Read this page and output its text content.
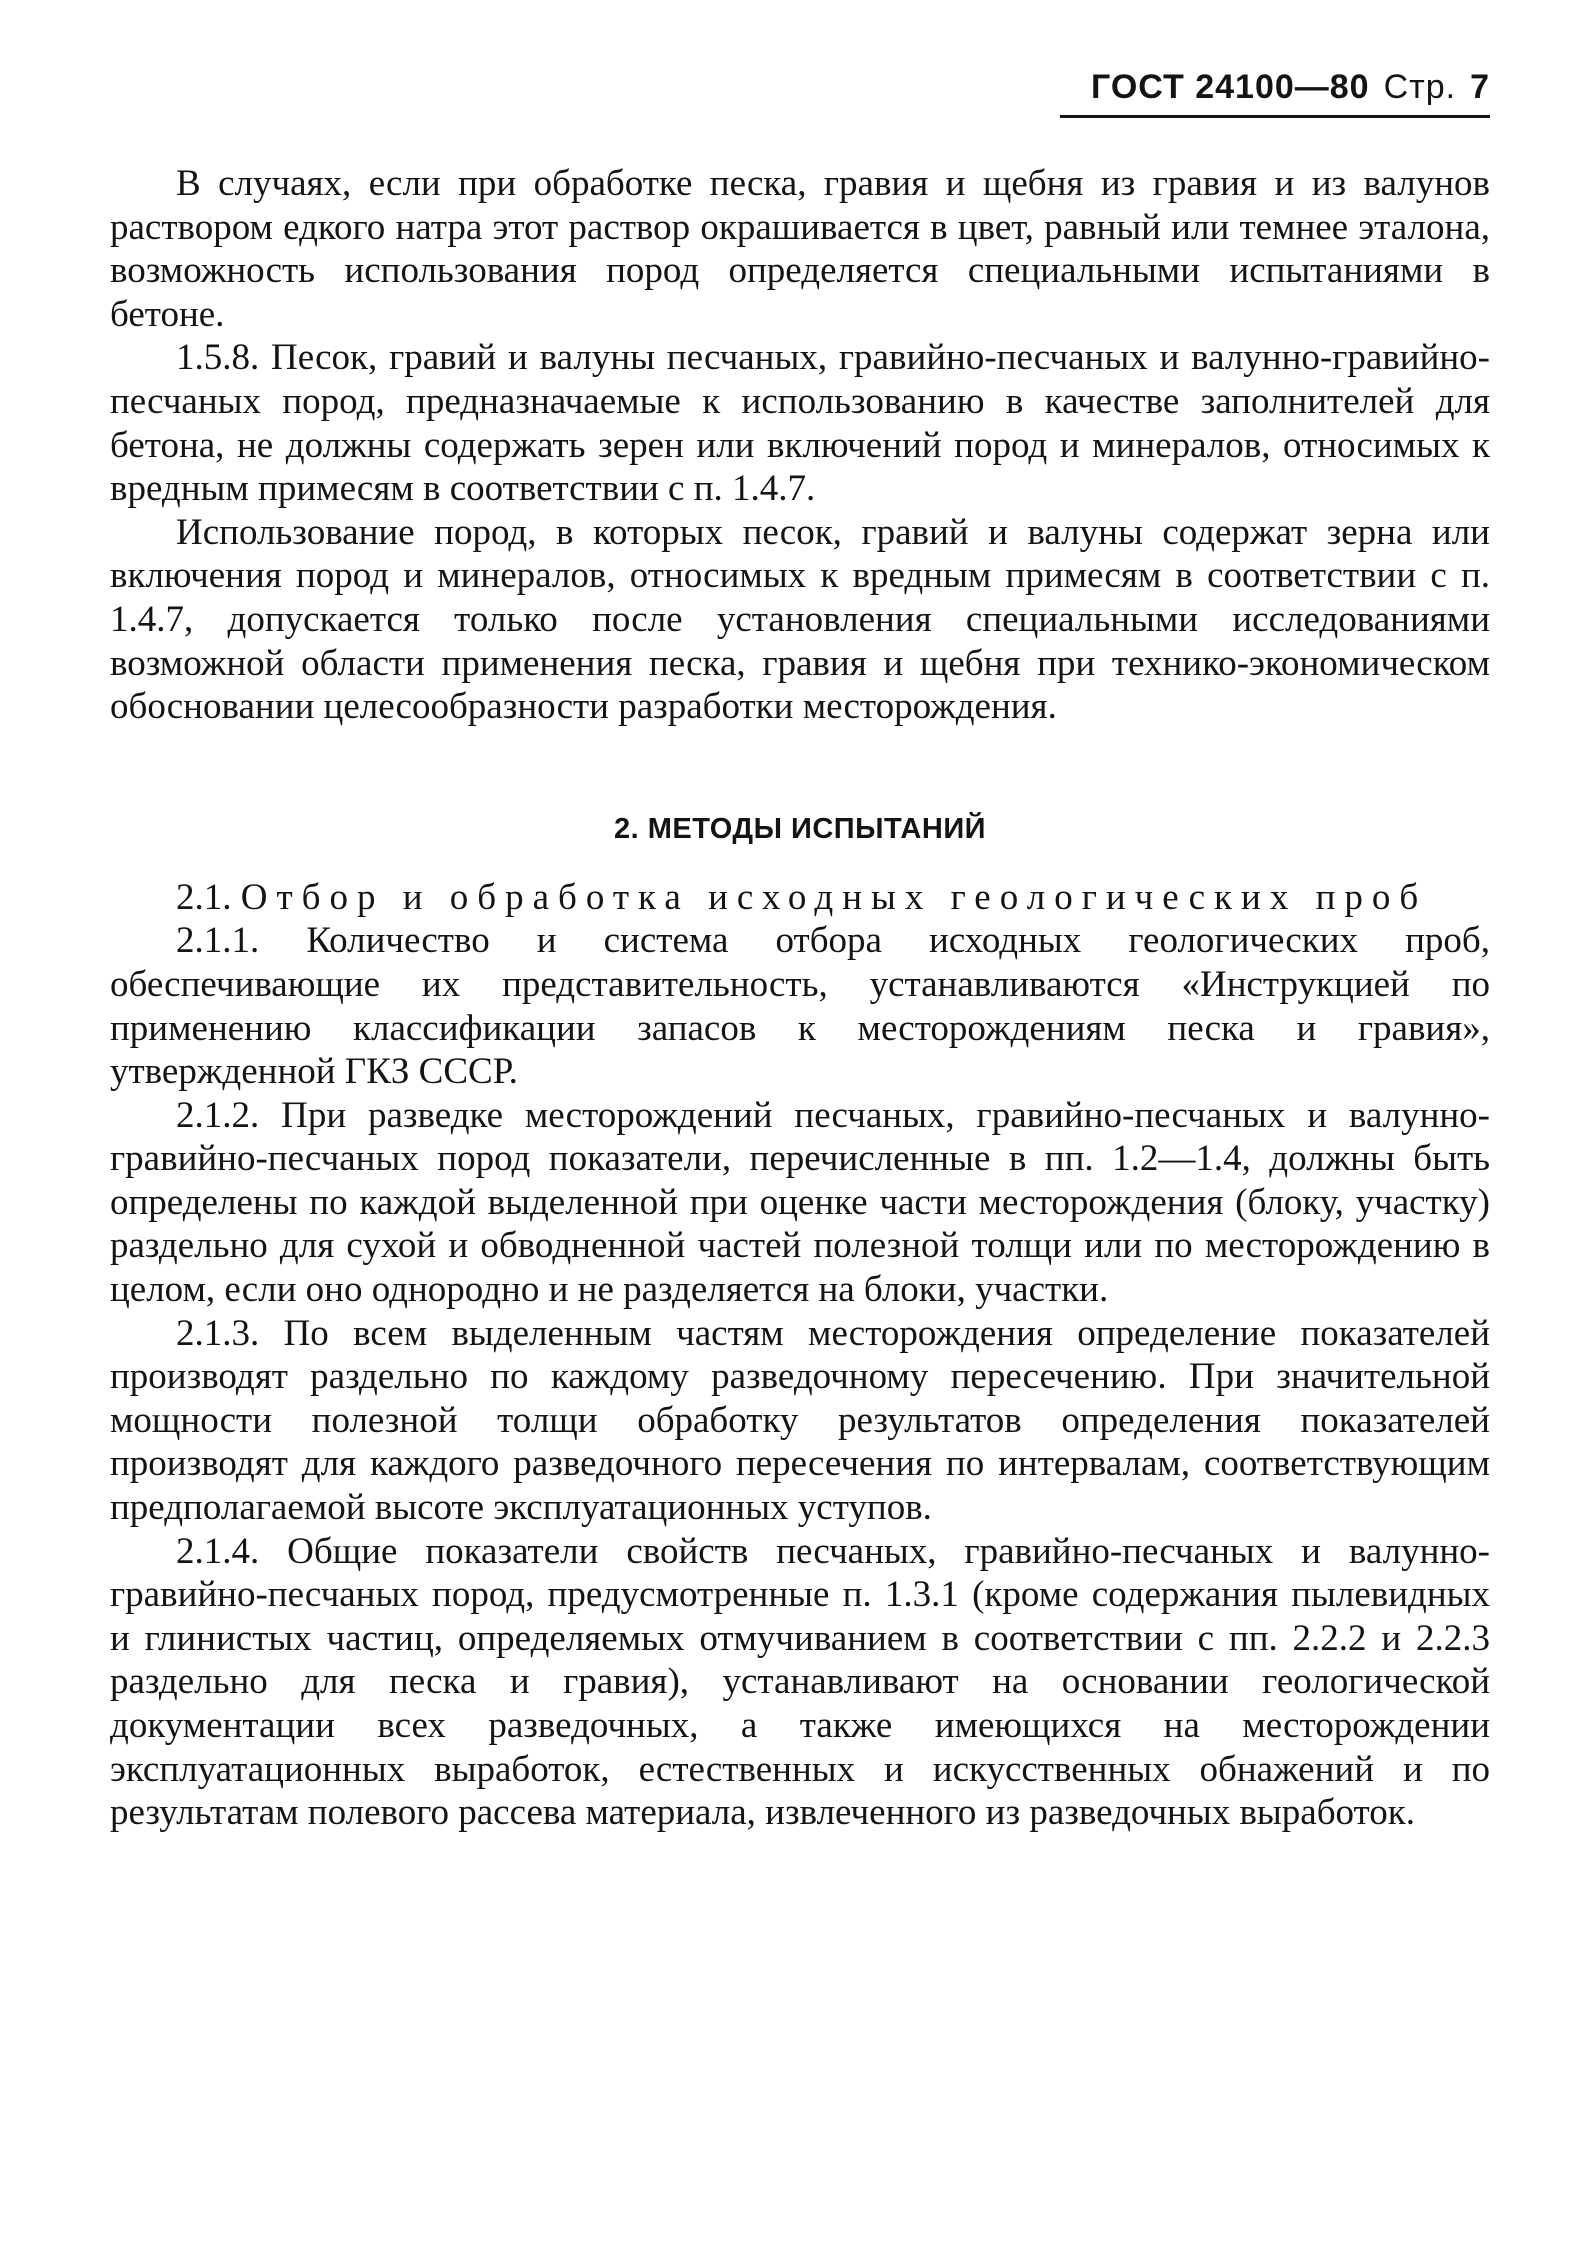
ГОСТ 24100—80 Стр. 7

В случаях, если при обработке песка, гравия и щебня из гравия и из валунов раствором едкого натра этот раствор окрашивается в цвет, равный или темнее эталона, возможность использования пород определяется специальными испытаниями в бетоне.

1.5.8. Песок, гравий и валуны песчаных, гравийно-песчаных и валунно-гравийно-песчаных пород, предназначаемые к использованию в качестве заполнителей для бетона, не должны содержать зерен или включений пород и минералов, относимых к вредным примесям в соответствии с п. 1.4.7.

Использование пород, в которых песок, гравий и валуны содержат зерна или включения пород и минералов, относимых к вредным примесям в соответствии с п. 1.4.7, допускается только после установления специальными исследованиями возможной области применения песка, гравия и щебня при технико-экономическом обосновании целесообразности разработки месторождения.

2. МЕТОДЫ ИСПЫТАНИЙ

2.1. Отбор и обработка исходных геологических проб

2.1.1. Количество и система отбора исходных геологических проб, обеспечивающие их представительность, устанавливаются «Инструкцией по применению классификации запасов к месторождениям песка и гравия», утвержденной ГКЗ СССР.

2.1.2. При разведке месторождений песчаных, гравийно-песчаных и валунно-гравийно-песчаных пород показатели, перечисленные в пп. 1.2—1.4, должны быть определены по каждой выделенной при оценке части месторождения (блоку, участку) раздельно для сухой и обводненной частей полезной толщи или по месторождению в целом, если оно однородно и не разделяется на блоки, участки.

2.1.3. По всем выделенным частям месторождения определение показателей производят раздельно по каждому разведочному пересечению. При значительной мощности полезной толщи обработку результатов определения показателей производят для каждого разведочного пересечения по интервалам, соответствующим предполагаемой высоте эксплуатационных уступов.

2.1.4. Общие показатели свойств песчаных, гравийно-песчаных и валунно-гравийно-песчаных пород, предусмотренные п. 1.3.1 (кроме содержания пылевидных и глинистых частиц, определяемых отмучиванием в соответствии с пп. 2.2.2 и 2.2.3 раздельно для песка и гравия), устанавливают на основании геологической документации всех разведочных, а также имеющихся на месторождении эксплуатационных выработок, естественных и искусственных обнажений и по результатам полевого рассева материала, извлеченного из разведочных выработок.
